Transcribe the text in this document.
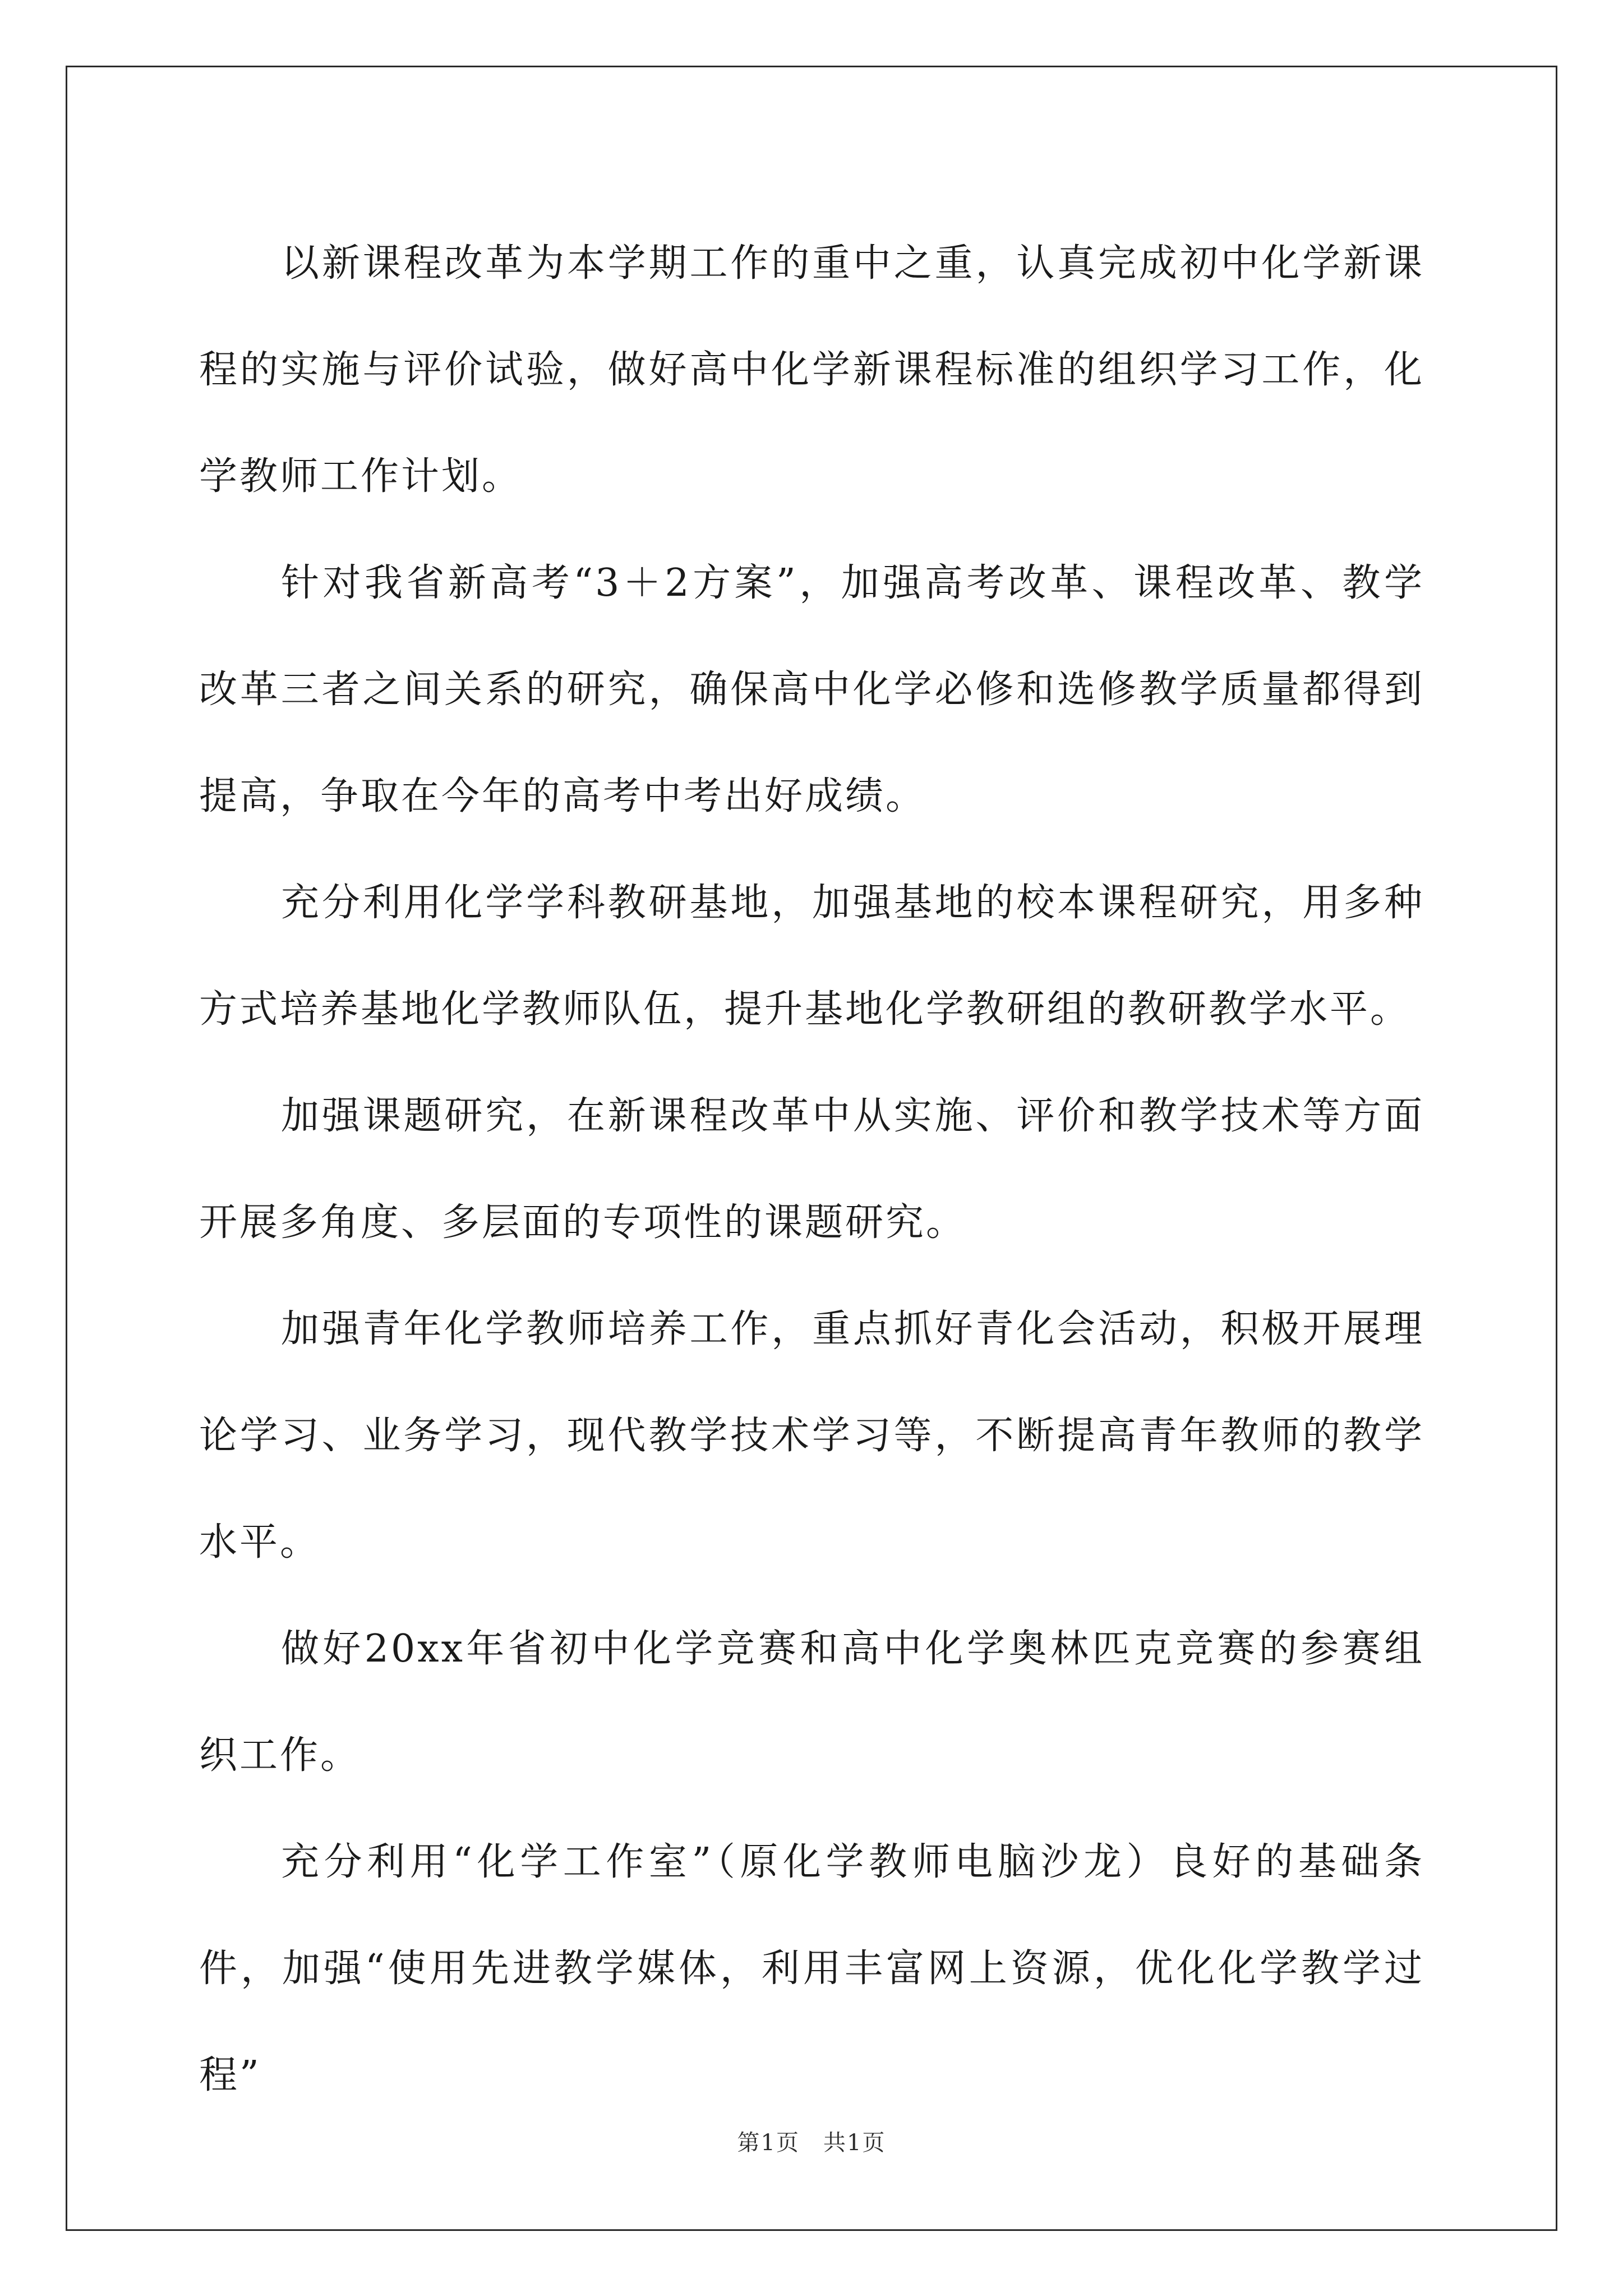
以新课程改革为本学期工作的重中之重，认真完成初中化学新课程的实施与评价试验，做好高中化学新课程标准的组织学习工作，化学教师工作计划。

针对我省新高考“3＋2方案”，加强高考改革、课程改革、教学改革三者之间关系的研究，确保高中化学必修和选修教学质量都得到提高，争取在今年的高考中考出好成绩。

充分利用化学学科教研基地，加强基地的校本课程研究，用多种方式培养基地化学教师队伍，提升基地化学教研组的教研教学水平。

加强课题研究，在新课程改革中从实施、评价和教学技术等方面开展多角度、多层面的专项性的课题研究。

加强青年化学教师培养工作，重点抓好青化会活动，积极开展理论学习、业务学习，现代教学技术学习等，不断提高青年教师的教学水平。

做好20xx年省初中化学竞赛和高中化学奥林匹克竞赛的参赛组织工作。

充分利用“化学工作室”（原化学教师电脑沙龙）良好的基础条件，加强“使用先进教学媒体，利用丰富网上资源，优化化学教学过程”

第1页　共1页
